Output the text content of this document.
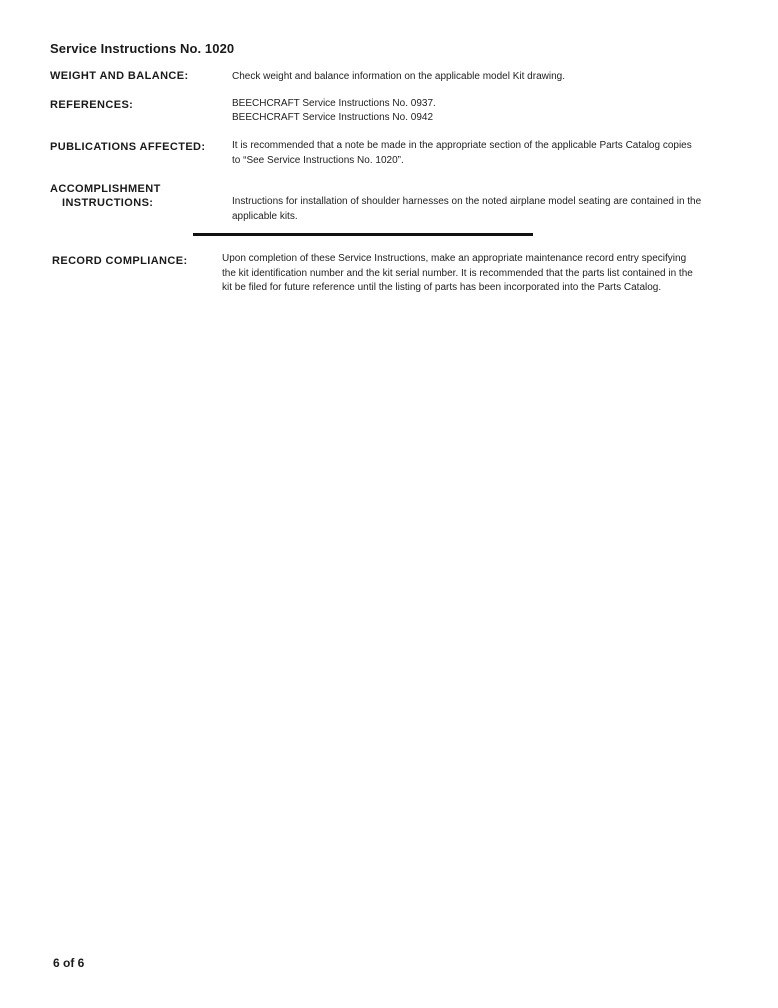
Service Instructions No. 1020
WEIGHT AND BALANCE:	Check weight and balance information on the applicable model Kit drawing.
REFERENCES:	BEECHCRAFT Service Instructions No. 0937.
BEECHCRAFT Service Instructions No. 0942
PUBLICATIONS AFFECTED:	It is recommended that a note be made in the appropriate section of the applicable Parts Catalog copies to “See Service Instructions No. 1020”.
ACCOMPLISHMENT
INSTRUCTIONS:	Instructions for installation of shoulder harnesses on the noted airplane model seating are contained in the applicable kits.
RECORD COMPLIANCE:	Upon completion of these Service Instructions, make an appropriate maintenance record entry specifying the kit identification number and the kit serial number. It is recommended that the parts list contained in the kit be filed for future reference until the listing of parts has been incorporated into the Parts Catalog.
6 of 6
